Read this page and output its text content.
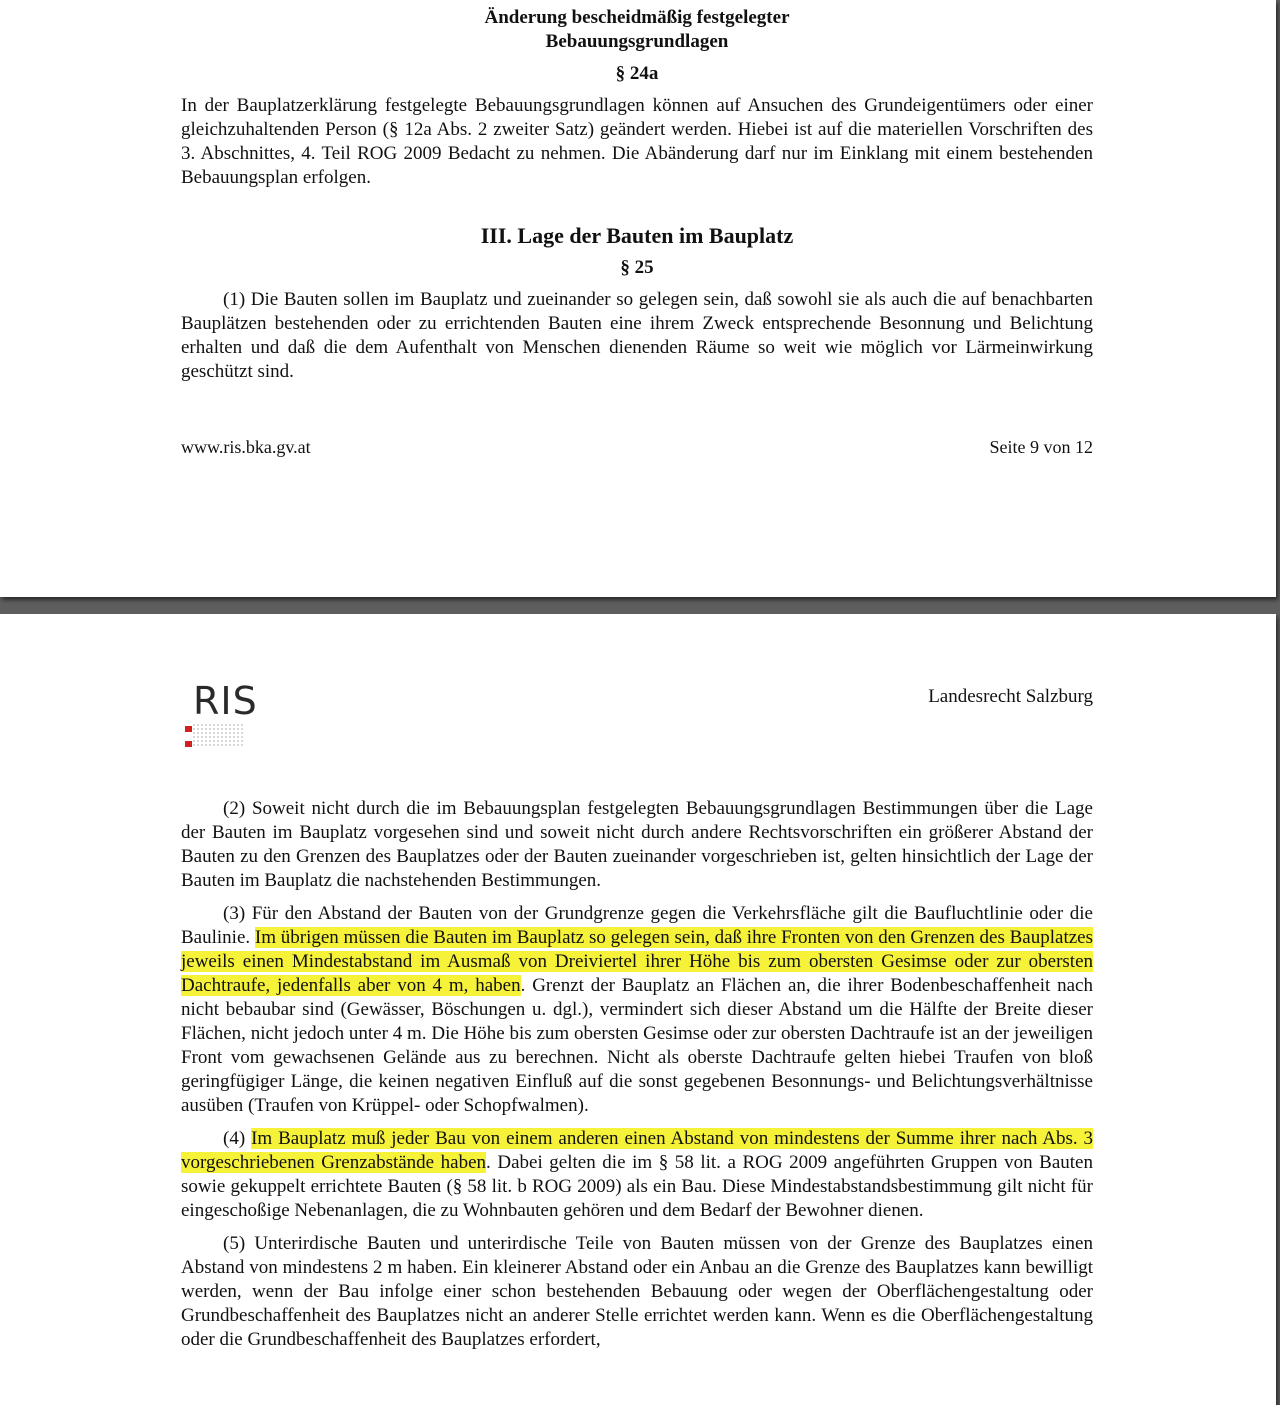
Änderung bescheidmäßig festgelegter
Bebauungsgrundlagen
§ 24a

In der Bauplatzerklärung festgelegte Bebauungsgrundlagen können auf Ansuchen des Grundeigentümers oder einer gleichzuhaltenden Person (§ 12a Abs. 2 zweiter Satz) geändert werden. Hiebei ist auf die materiellen Vorschriften des 3. Abschnittes, 4. Teil ROG 2009 Bedacht zu nehmen. Die Abänderung darf nur im Einklang mit einem bestehenden Bebauungsplan erfolgen.

III. Lage der Bauten im Bauplatz
§ 25

(1) Die Bauten sollen im Bauplatz und zueinander so gelegen sein, daß sowohl sie als auch die auf benachbarten Bauplätzen bestehenden oder zu errichtenden Bauten eine ihrem Zweck entsprechende Besonnung und Belichtung erhalten und daß die dem Aufenthalt von Menschen dienenden Räume so weit wie möglich vor Lärmeinwirkung geschützt sind.

www.ris.bka.gv.at	Seite 9 von 12
RIS	Landesrecht Salzburg

(2) Soweit nicht durch die im Bebauungsplan festgelegten Bebauungsgrundlagen Bestimmungen über die Lage der Bauten im Bauplatz vorgesehen sind und soweit nicht durch andere Rechtsvorschriften ein größerer Abstand der Bauten zu den Grenzen des Bauplatzes oder der Bauten zueinander vorgeschrieben ist, gelten hinsichtlich der Lage der Bauten im Bauplatz die nachstehenden Bestimmungen.

(3) Für den Abstand der Bauten von der Grundgrenze gegen die Verkehrsfläche gilt die Baufluchtlinie oder die Baulinie. Im übrigen müssen die Bauten im Bauplatz so gelegen sein, daß ihre Fronten von den Grenzen des Bauplatzes jeweils einen Mindestabstand im Ausmaß von Dreiviertel ihrer Höhe bis zum obersten Gesimse oder zur obersten Dachtraufe, jedenfalls aber von 4 m, haben. Grenzt der Bauplatz an Flächen an, die ihrer Bodenbeschaffenheit nach nicht bebaubar sind (Gewässer, Böschungen u. dgl.), vermindert sich dieser Abstand um die Hälfte der Breite dieser Flächen, nicht jedoch unter 4 m. Die Höhe bis zum obersten Gesimse oder zur obersten Dachtraufe ist an der jeweiligen Front vom gewachsenen Gelände aus zu berechnen. Nicht als oberste Dachtraufe gelten hiebei Traufen von bloß geringfügiger Länge, die keinen negativen Einfluß auf die sonst gegebenen Besonnungs- und Belichtungsverhältnisse ausüben (Traufen von Krüppel- oder Schopfwalmen).

(4) Im Bauplatz muß jeder Bau von einem anderen einen Abstand von mindestens der Summe ihrer nach Abs. 3 vorgeschriebenen Grenzabstände haben. Dabei gelten die im § 58 lit. a ROG 2009 angeführten Gruppen von Bauten sowie gekuppelt errichtete Bauten (§ 58 lit. b ROG 2009) als ein Bau. Diese Mindestabstandsbestimmung gilt nicht für eingeschoßige Nebenanlagen, die zu Wohnbauten gehören und dem Bedarf der Bewohner dienen.

(5) Unterirdische Bauten und unterirdische Teile von Bauten müssen von der Grenze des Bauplatzes einen Abstand von mindestens 2 m haben. Ein kleinerer Abstand oder ein Anbau an die Grenze des Bauplatzes kann bewilligt werden, wenn der Bau infolge einer schon bestehenden Bebauung oder wegen der Oberflächengestaltung oder Grundbeschaffenheit des Bauplatzes nicht an anderer Stelle errichtet werden kann. Wenn es die Oberflächengestaltung oder die Grundbeschaffenheit des Bauplatzes erfordert,
